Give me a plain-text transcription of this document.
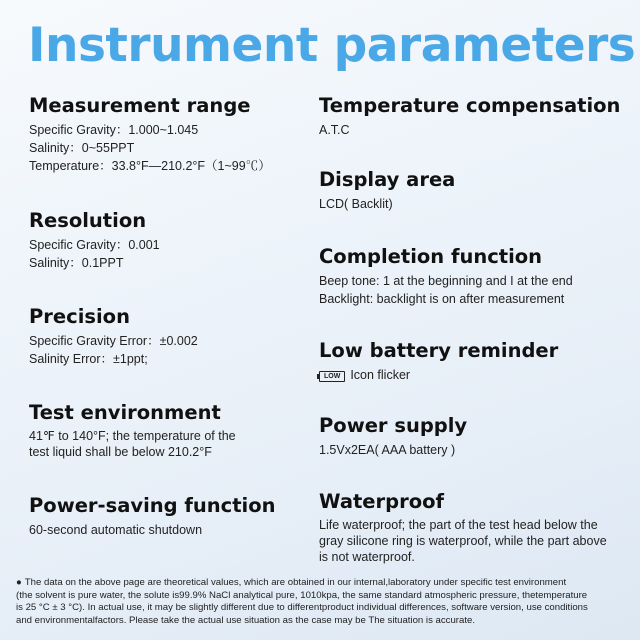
Instrument parameters
Measurement range
Specific Gravity：1.000~1.045
Salinity：0~55PPT
Temperature：33.8°F—210.2°F（1~99℃）
Resolution
Specific Gravity：0.001
Salinity：0.1PPT
Precision
Specific Gravity Error：±0.002
Salinity Error：±1ppt;
Test environment
41℉ to 140°F; the temperature of the
test liquid shall be below 210.2°F
Power-saving function
60-second automatic shutdown
Temperature compensation
A.T.C
Display area
LCD( Backlit)
Completion function
Beep tone: 1 at the beginning and I at the end
Backlight: backlight is on after measurement
Low battery reminder
LOW Icon flicker
Power supply
1.5Vx2EA( AAA battery )
Waterproof
Life waterproof; the part of the test head below the
gray silicone ring is waterproof, while the part above
is not waterproof.
● The data on the above page are theoretical values, which are obtained in our internal,laboratory under specific test environment
(the solvent is pure water, the solute is99.9% NaCl analytical pure, 1010kpa, the same standard atmospheric pressure, thetemperature
is 25 °C ± 3 °C). In actual use, it may be slightly different due to differentproduct individual differences, software version, use conditions
and environmentalfactors. Please take the actual use situation as the case may be The situation is accurate.
